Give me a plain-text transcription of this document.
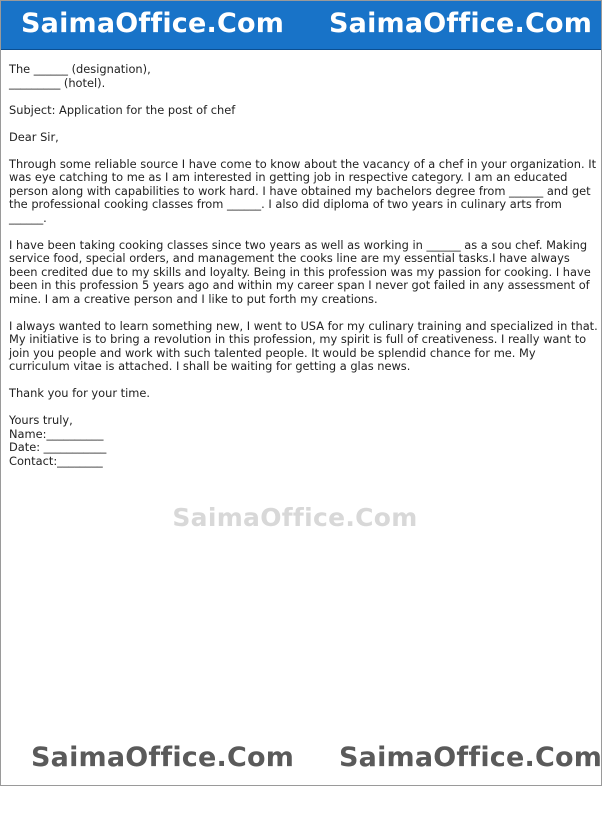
SaimaOffice.Com SaimaOffice.Com

The ______ (designation),
_________ (hotel).

Subject: Application for the post of chef

Dear Sir,

Through some reliable source I have come to know about the vacancy of a chef in your organization. It was eye catching to me as I am interested in getting job in respective category. I am an educated person along with capabilities to work hard. I have obtained my bachelors degree from ______ and get the professional cooking classes from ______. I also did diploma of two years in culinary arts from ______.

I have been taking cooking classes since two years as well as working in ______ as a sou chef. Making service food, special orders, and management the cooks line are my essential tasks.I have always been credited due to my skills and loyalty. Being in this profession was my passion for cooking. I have been in this profession 5 years ago and within my career span I never got failed in any assessment of mine. I am a creative person and I like to put forth my creations.

I always wanted to learn something new, I went to USA for my culinary training and specialized in that. My initiative is to bring a revolution in this profession, my spirit is full of creativeness. I really want to join you people and work with such talented people. It would be splendid chance for me. My curriculum vitae is attached. I shall be waiting for getting a glas news.

Thank you for your time.

Yours truly,
Name:__________
Date: ___________
Contact:________

SaimaOffice.Com
SaimaOffice.Com SaimaOffice.Com
